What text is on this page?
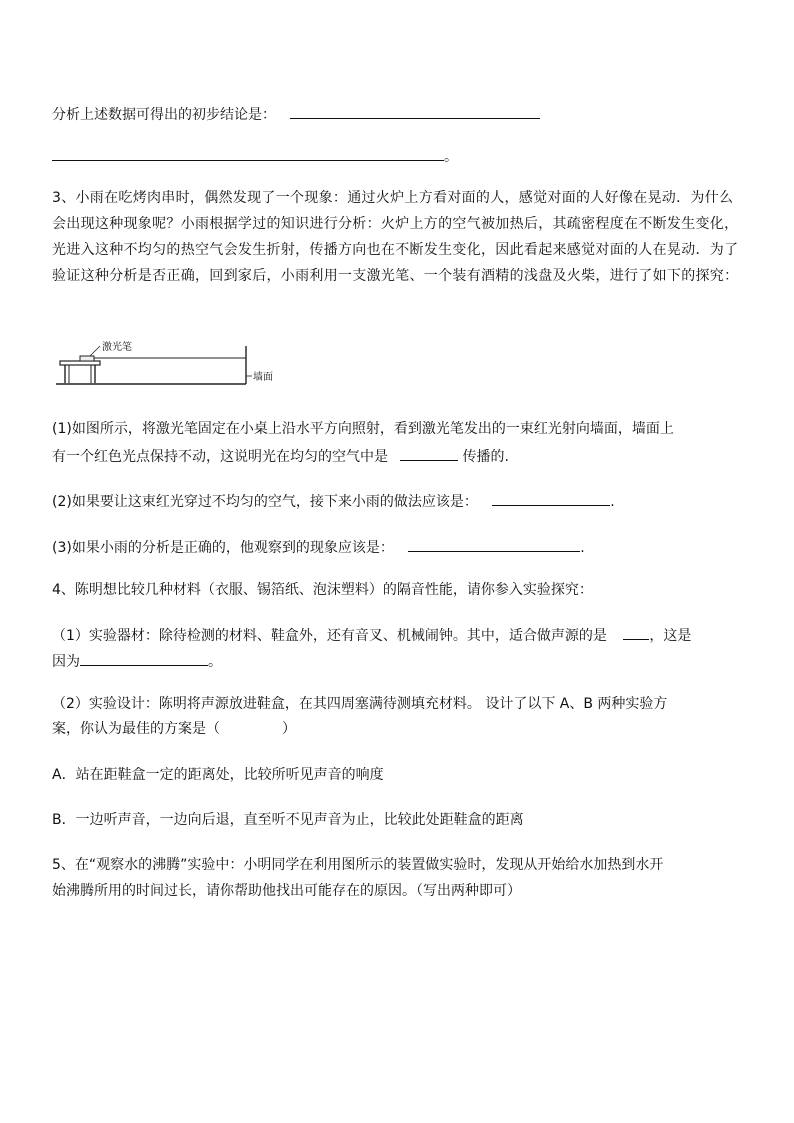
分析上述数据可得出的初步结论是：
。
3、小雨在吃烤肉串时，偶然发现了一个现象：通过火炉上方看对面的人，感觉对面的人好像在晃动．为什么会出现这种现象呢？小雨根据学过的知识进行分析：火炉上方的空气被加热后，其疏密程度在不断发生变化，光进入这种不均匀的热空气会发生折射，传播方向也在不断发生变化，因此看起来感觉对面的人在晃动．为了验证这种分析是否正确，回到家后，小雨利用一支激光笔、一个装有酒精的浅盘及火柴，进行了如下的探究：
激光笔
墙面
(1)如图所示，将激光笔固定在小桌上沿水平方向照射，看到激光笔发出的一束红光射向墙面，墙面上
有一个红色光点保持不动，这说明光在均匀的空气中是	传播的.
(2)如果要让这束红光穿过不均匀的空气，接下来小雨的做法应该是：	.
(3)如果小雨的分析是正确的，他观察到的现象应该是：	.
4、陈明想比较几种材料（衣服、锡箔纸、泡沫塑料）的隔音性能，请你参入实验探究：
（1）实验器材：除待检测的材料、鞋盒外，还有音叉、机械闹钟。其中，适合做声源的是	，这是
因为	。
（2）实验设计：陈明将声源放进鞋盒，在其四周塞满待测填充材料。 设计了以下 A、B 两种实验方
案，你认为最佳的方案是（	）
A．站在距鞋盒一定的距离处，比较所听见声音的响度
B．一边听声音，一边向后退，直至听不见声音为止，比较此处距鞋盒的距离
5、在“观察水的沸腾”实验中：小明同学在利用图所示的装置做实验时，发现从开始给水加热到水开
始沸腾所用的时间过长，请你帮助他找出可能存在的原因。（写出两种即可）
